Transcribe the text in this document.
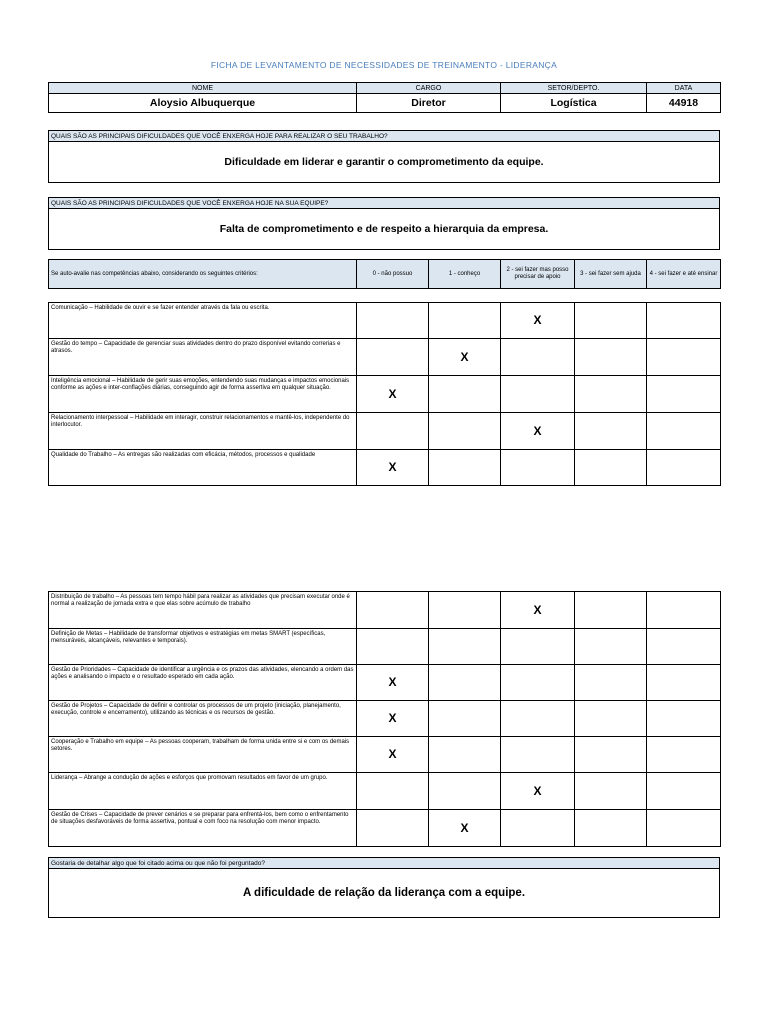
FICHA DE LEVANTAMENTO DE NECESSIDADES DE TREINAMENTO - LIDERANÇA
NOME	CARGO	SETOR/DEPTO.	DATA
Aloysio Albuquerque	Diretor	Logística	44918
QUAIS SÃO AS PRINCIPAIS DIFICULDADES QUE VOCÊ ENXERGA HOJE PARA REALIZAR O SEU TRABALHO?
Dificuldade em liderar e garantir o comprometimento da equipe.
QUAIS SÃO AS PRINCIPAIS DIFICULDADES QUE VOCÊ ENXERGA HOJE NA SUA EQUIPE?
Falta de comprometimento e de respeito a hierarquia da empresa.
Se auto-avalie nas competências abaixo, considerando os seguintes critérios:	0 - não possuo	1 - conheço	2 - sei fazer mas posso precisar de apoio	3 - sei fazer sem ajuda	4 - sei fazer e até ensinar
Comunicação – Habilidade de ouvir e se fazer entender através da fala ou escrita.			X		
Gestão do tempo – Capacidade de gerenciar suas atividades dentro do prazo disponível evitando correrias e atrasos.		X			
Inteligência emocional – Habilidade de gerir suas emoções, entendendo suas mudanças e impactos emocionais conforme as ações e inter-conflações diárias, conseguindo agir de forma assertiva em qualquer situação.	X				
Relacionamento interpessoal – Habilidade em interagir, construir relacionamentos e mantê-los, independente do interlocutor.			X		
Qualidade do Trabalho – As entregas são realizadas com eficácia, métodos, processos e qualidade	X				
Distribuição de trabalho – As pessoas tem tempo hábil para realizar as atividades que precisam executar onde é normal a realização de jornada extra e que elas sobre acúmulo de trabalho			X		
Definição de Metas – Habilidade de transformar objetivos e estratégias em metas SMART (específicas, mensuráveis, alcançáveis, relevantes e temporais).					
Gestão de Prioridades – Capacidade de identificar a urgência e os prazos das atividades, elencando a ordem das ações e analisando o impacto e o resultado esperado em cada ação.	X				
Gestão de Projetos – Capacidade de definir e controlar os processos de um projeto (iniciação, planejamento, execução, controle e encerramento), utilizando as técnicas e os recursos de gestão.	X				
Cooperação e Trabalho em equipe – As pessoas cooperam, trabalham de forma unida entre si e com os demais setores.	X				
Liderança – Abrange a condução de ações e esforços que promovam resultados em favor de um grupo.			X		
Gestão de Crises – Capacidade de prever cenários e se preparar para enfrentá-los, bem como o enfrentamento de situações desfavoráveis de forma assertiva, pontual e com foco na resolução com menor impacto.		X			
Gostaria de detalhar algo que foi citado acima ou que não foi perguntado?
A dificuldade de relação da liderança com a equipe.
